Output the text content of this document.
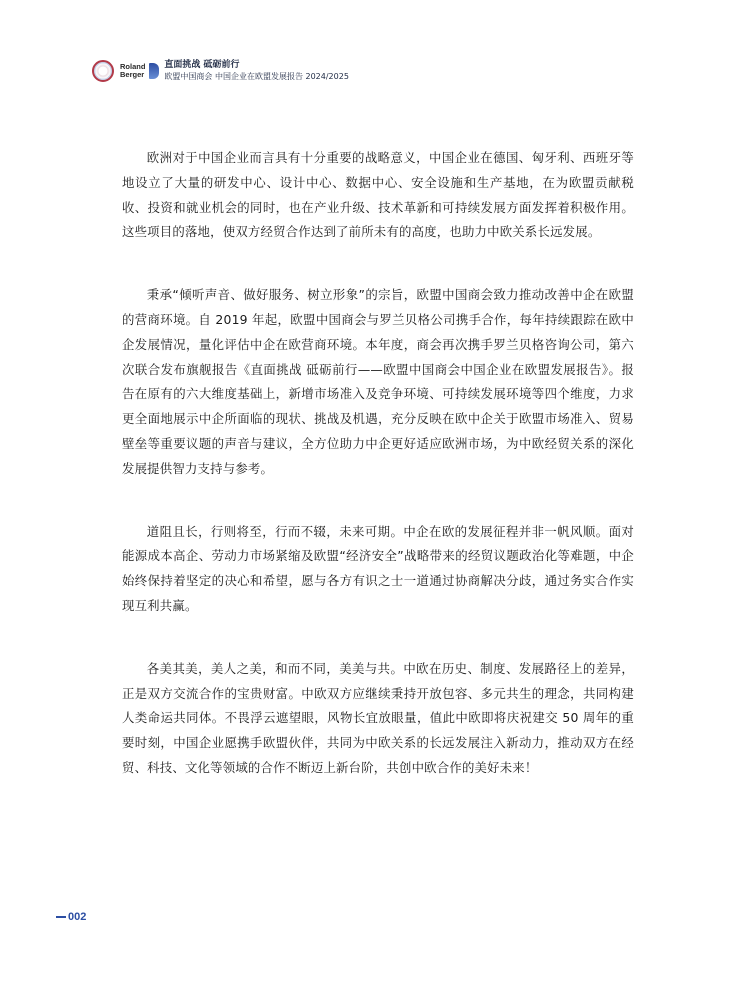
Roland
Berger
直面挑战 砥砺前行
欧盟中国商会 中国企业在欧盟发展报告 2024/2025

欧洲对于中国企业而言具有十分重要的战略意义，中国企业在德国、匈牙利、西班牙等地设立了大量的研发中心、设计中心、数据中心、安全设施和生产基地，在为欧盟贡献税收、投资和就业机会的同时，也在产业升级、技术革新和可持续发展方面发挥着积极作用。这些项目的落地，使双方经贸合作达到了前所未有的高度，也助力中欧关系长远发展。

秉承“倾听声音、做好服务、树立形象”的宗旨，欧盟中国商会致力推动改善中企在欧盟的营商环境。自 2019 年起，欧盟中国商会与罗兰贝格公司携手合作，每年持续跟踪在欧中企发展情况，量化评估中企在欧营商环境。本年度，商会再次携手罗兰贝格咨询公司，第六次联合发布旗舰报告《直面挑战 砥砺前行——欧盟中国商会中国企业在欧盟发展报告》。报告在原有的六大维度基础上，新增市场准入及竞争环境、可持续发展环境等四个维度，力求更全面地展示中企所面临的现状、挑战及机遇，充分反映在欧中企关于欧盟市场准入、贸易壁垒等重要议题的声音与建议，全方位助力中企更好适应欧洲市场，为中欧经贸关系的深化发展提供智力支持与参考。

道阻且长，行则将至，行而不辍，未来可期。中企在欧的发展征程并非一帆风顺。面对能源成本高企、劳动力市场紧缩及欧盟“经济安全”战略带来的经贸议题政治化等难题，中企始终保持着坚定的决心和希望，愿与各方有识之士一道通过协商解决分歧，通过务实合作实现互利共赢。

各美其美，美人之美，和而不同，美美与共。中欧在历史、制度、发展路径上的差异，正是双方交流合作的宝贵财富。中欧双方应继续秉持开放包容、多元共生的理念，共同构建人类命运共同体。不畏浮云遮望眼，风物长宜放眼量，值此中欧即将庆祝建交 50 周年的重要时刻，中国企业愿携手欧盟伙伴，共同为中欧关系的长远发展注入新动力，推动双方在经贸、科技、文化等领域的合作不断迈上新台阶，共创中欧合作的美好未来！

002
